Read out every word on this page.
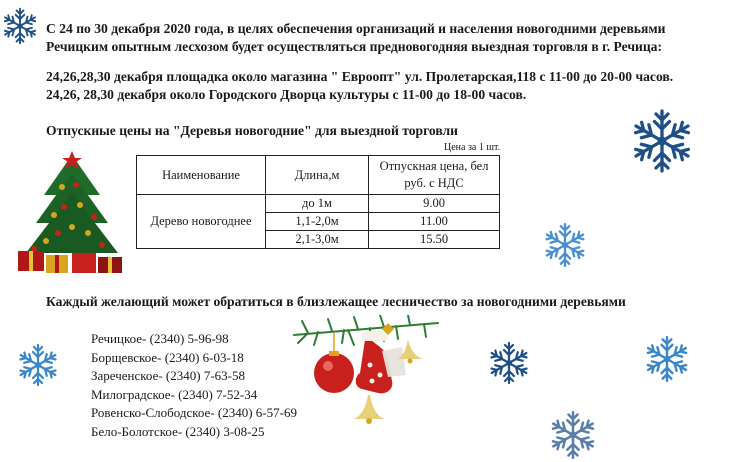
С 24 по 30 декабря 2020 года, в целях обеспечения организаций и населения новогодними деревьями

Речицким опытным лесхозом будет осуществляться предновогодняя выездная торговля в г. Речица:

24,26,28,30 декабря площадка около магазина " Евроопт" ул. Пролетарская,118 с 11-00 до 20-00 часов.

24,26, 28,30 декабря около Городского Дворца культуры с 11-00 до 18-00 часов.

Отпускные цены на "Деревья новогодние" для выездной торговли
Цена за 1 шт.
Наименование	Длина,м	Отпускная цена, бел руб. с НДС
Дерево новогоднее	до 1м	9.00
	1,1-2,0м	11.00
	2,1-3,0м	15.50
Каждый желающий может обратиться в близлежащее лесничество за новогодними деревьями
Речицкое- (2340) 5-96-98
Борщевское- (2340) 6-03-18
Зареченское- (2340) 7-63-58
Милоградское- (2340) 7-52-34
Ровенско-Слободское- (2340) 6-57-69
Бело-Болотское- (2340) 3-08-25
